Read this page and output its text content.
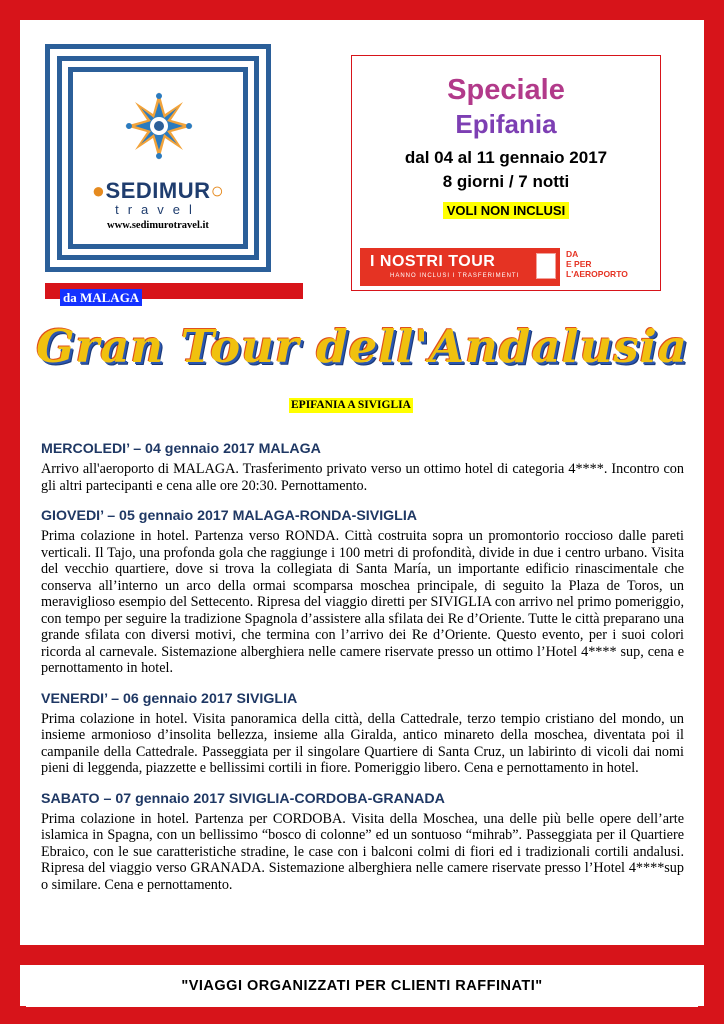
●SEDIMUR○
travel
www.sedimurotravel.it
Speciale
Epifania
dal 04 al 11 gennaio 2017
8 giorni / 7 notti
VOLI NON INCLUSI
I NOSTRI TOUR
HANNO INCLUSI I TRASFERIMENTI
DA
E PER
L'AEROPORTO
da MALAGA
Gran Tour dell'Andalusia
EPIFANIA A SIVIGLIA
MERCOLEDI’ – 04 gennaio 2017 MALAGA
Arrivo all'aeroporto di MALAGA. Trasferimento privato verso un ottimo hotel di categoria 4****. Incontro con gli altri partecipanti e cena alle ore 20:30. Pernottamento.
GIOVEDI’ – 05 gennaio 2017 MALAGA-RONDA-SIVIGLIA
Prima colazione in hotel. Partenza verso RONDA. Città costruita sopra un promontorio roccioso dalle pareti verticali. Il Tajo, una profonda gola che raggiunge i 100 metri di profondità, divide in due i centro urbano. Visita del vecchio quartiere, dove si trova la collegiata di Santa María, un importante edificio rinascimentale che conserva all’interno un arco della ormai scomparsa moschea principale, di seguito la Plaza de Toros, un meraviglioso esempio del Settecento. Ripresa del viaggio diretti per SIVIGLIA con arrivo nel primo pomeriggio, con tempo per seguire la tradizione Spagnola d’assistere alla sfilata dei Re d’Oriente. Tutte le città preparano una grande sfilata con diversi motivi, che termina con l’arrivo dei Re d’Oriente. Questo evento, per i suoi colori ricorda al carnevale. Sistemazione alberghiera nelle camere riservate presso un ottimo l’Hotel 4**** sup, cena e pernottamento in hotel.
VENERDI’ – 06 gennaio 2017 SIVIGLIA
Prima colazione in hotel. Visita panoramica della città, della Cattedrale, terzo tempio cristiano del mondo, un insieme armonioso d’insolita bellezza, insieme alla Giralda, antico minareto della moschea, diventata poi il campanile della Cattedrale. Passeggiata per il singolare Quartiere di Santa Cruz, un labirinto di vicoli dai nomi pieni di leggenda, piazzette e bellissimi cortili in fiore. Pomeriggio libero. Cena e pernottamento in hotel.
SABATO – 07 gennaio 2017 SIVIGLIA-CORDOBA-GRANADA
Prima colazione in hotel. Partenza per CORDOBA. Visita della Moschea, una delle più belle opere dell’arte islamica in Spagna, con un bellissimo “bosco di colonne” ed un sontuoso “mihrab”. Passeggiata per il Quartiere Ebraico, con le sue caratteristiche stradine, le case con i balconi colmi di fiori ed i tradizionali cortili andalusi. Ripresa del viaggio verso GRANADA. Sistemazione alberghiera nelle camere riservate presso l’Hotel 4****sup o similare. Cena e pernottamento.
"VIAGGI ORGANIZZATI PER CLIENTI RAFFINATI"
